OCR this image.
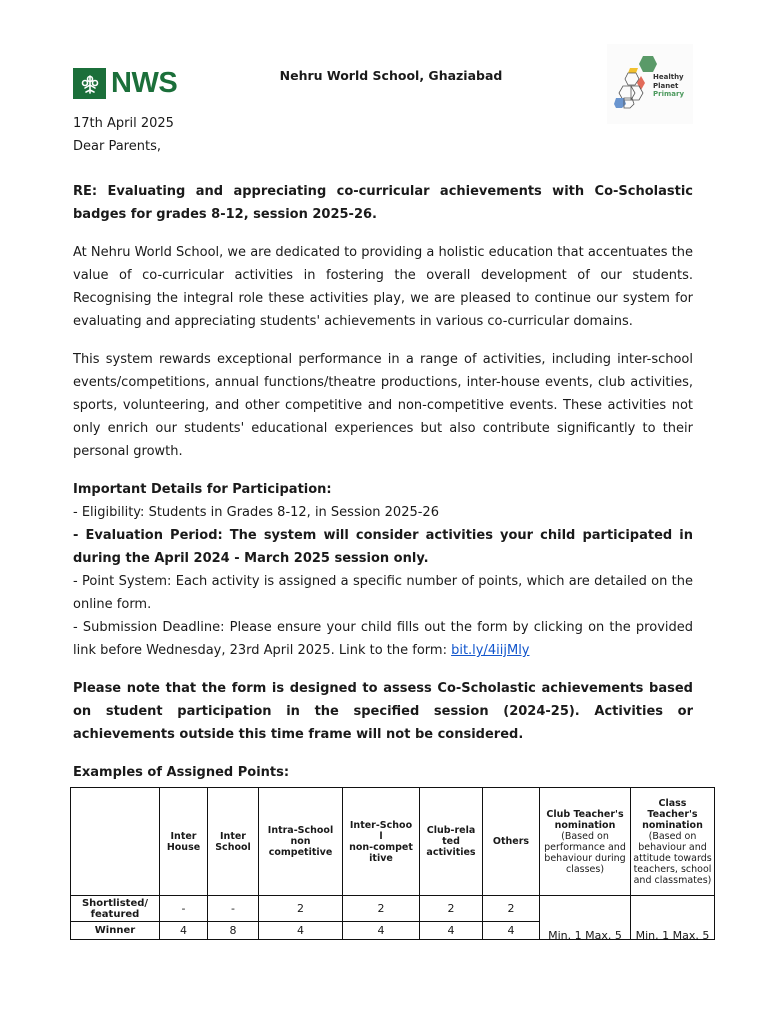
NWS	Nehru World School, Ghaziabad	Healthy
Planet
Primary
17th April 2025
Dear Parents,
RE: Evaluating and appreciating co-curricular achievements with Co-Scholastic badges for grades 8-12, session 2025-26.
At Nehru World School, we are dedicated to providing a holistic education that accentuates the value of co-curricular activities in fostering the overall development of our students. Recognising the integral role these activities play, we are pleased to continue our system for evaluating and appreciating students' achievements in various co-curricular domains.
This system rewards exceptional performance in a range of activities, including inter-school events/competitions, annual functions/theatre productions, inter-house events, club activities, sports, volunteering, and other competitive and non-competitive events. These activities not only enrich our students' educational experiences but also contribute significantly to their personal growth.
Important Details for Participation:
- Eligibility: Students in Grades 8-12, in Session 2025-26
- Evaluation Period: The system will consider activities your child participated in during the April 2024 - March 2025 session only.
- Point System: Each activity is assigned a specific number of points, which are detailed on the online form.
- Submission Deadline: Please ensure your child fills out the form by clicking on the provided link before Wednesday, 23rd April 2025. Link to the form: bit.ly/4iijMly
Please note that the form is designed to assess Co-Scholastic achievements based on student participation in the specified session (2024-25). Activities or achievements outside this time frame will not be considered.
Examples of Assigned Points:
	Inter
House	Inter
School	Intra-School
non
competitive	Inter-Schoo
l
non-compet
itive	Club-rela
ted
activities	Others	Club Teacher's nomination
(Based on performance and behaviour during classes)	Class Teacher's nomination
(Based on behaviour and attitude towards teachers, school and classmates)
Shortlisted/ featured	-	-	2	2	2	2	Min. 1 Max. 5	Min. 1 Max. 5

Winner	4	8	4	4	4	4		
